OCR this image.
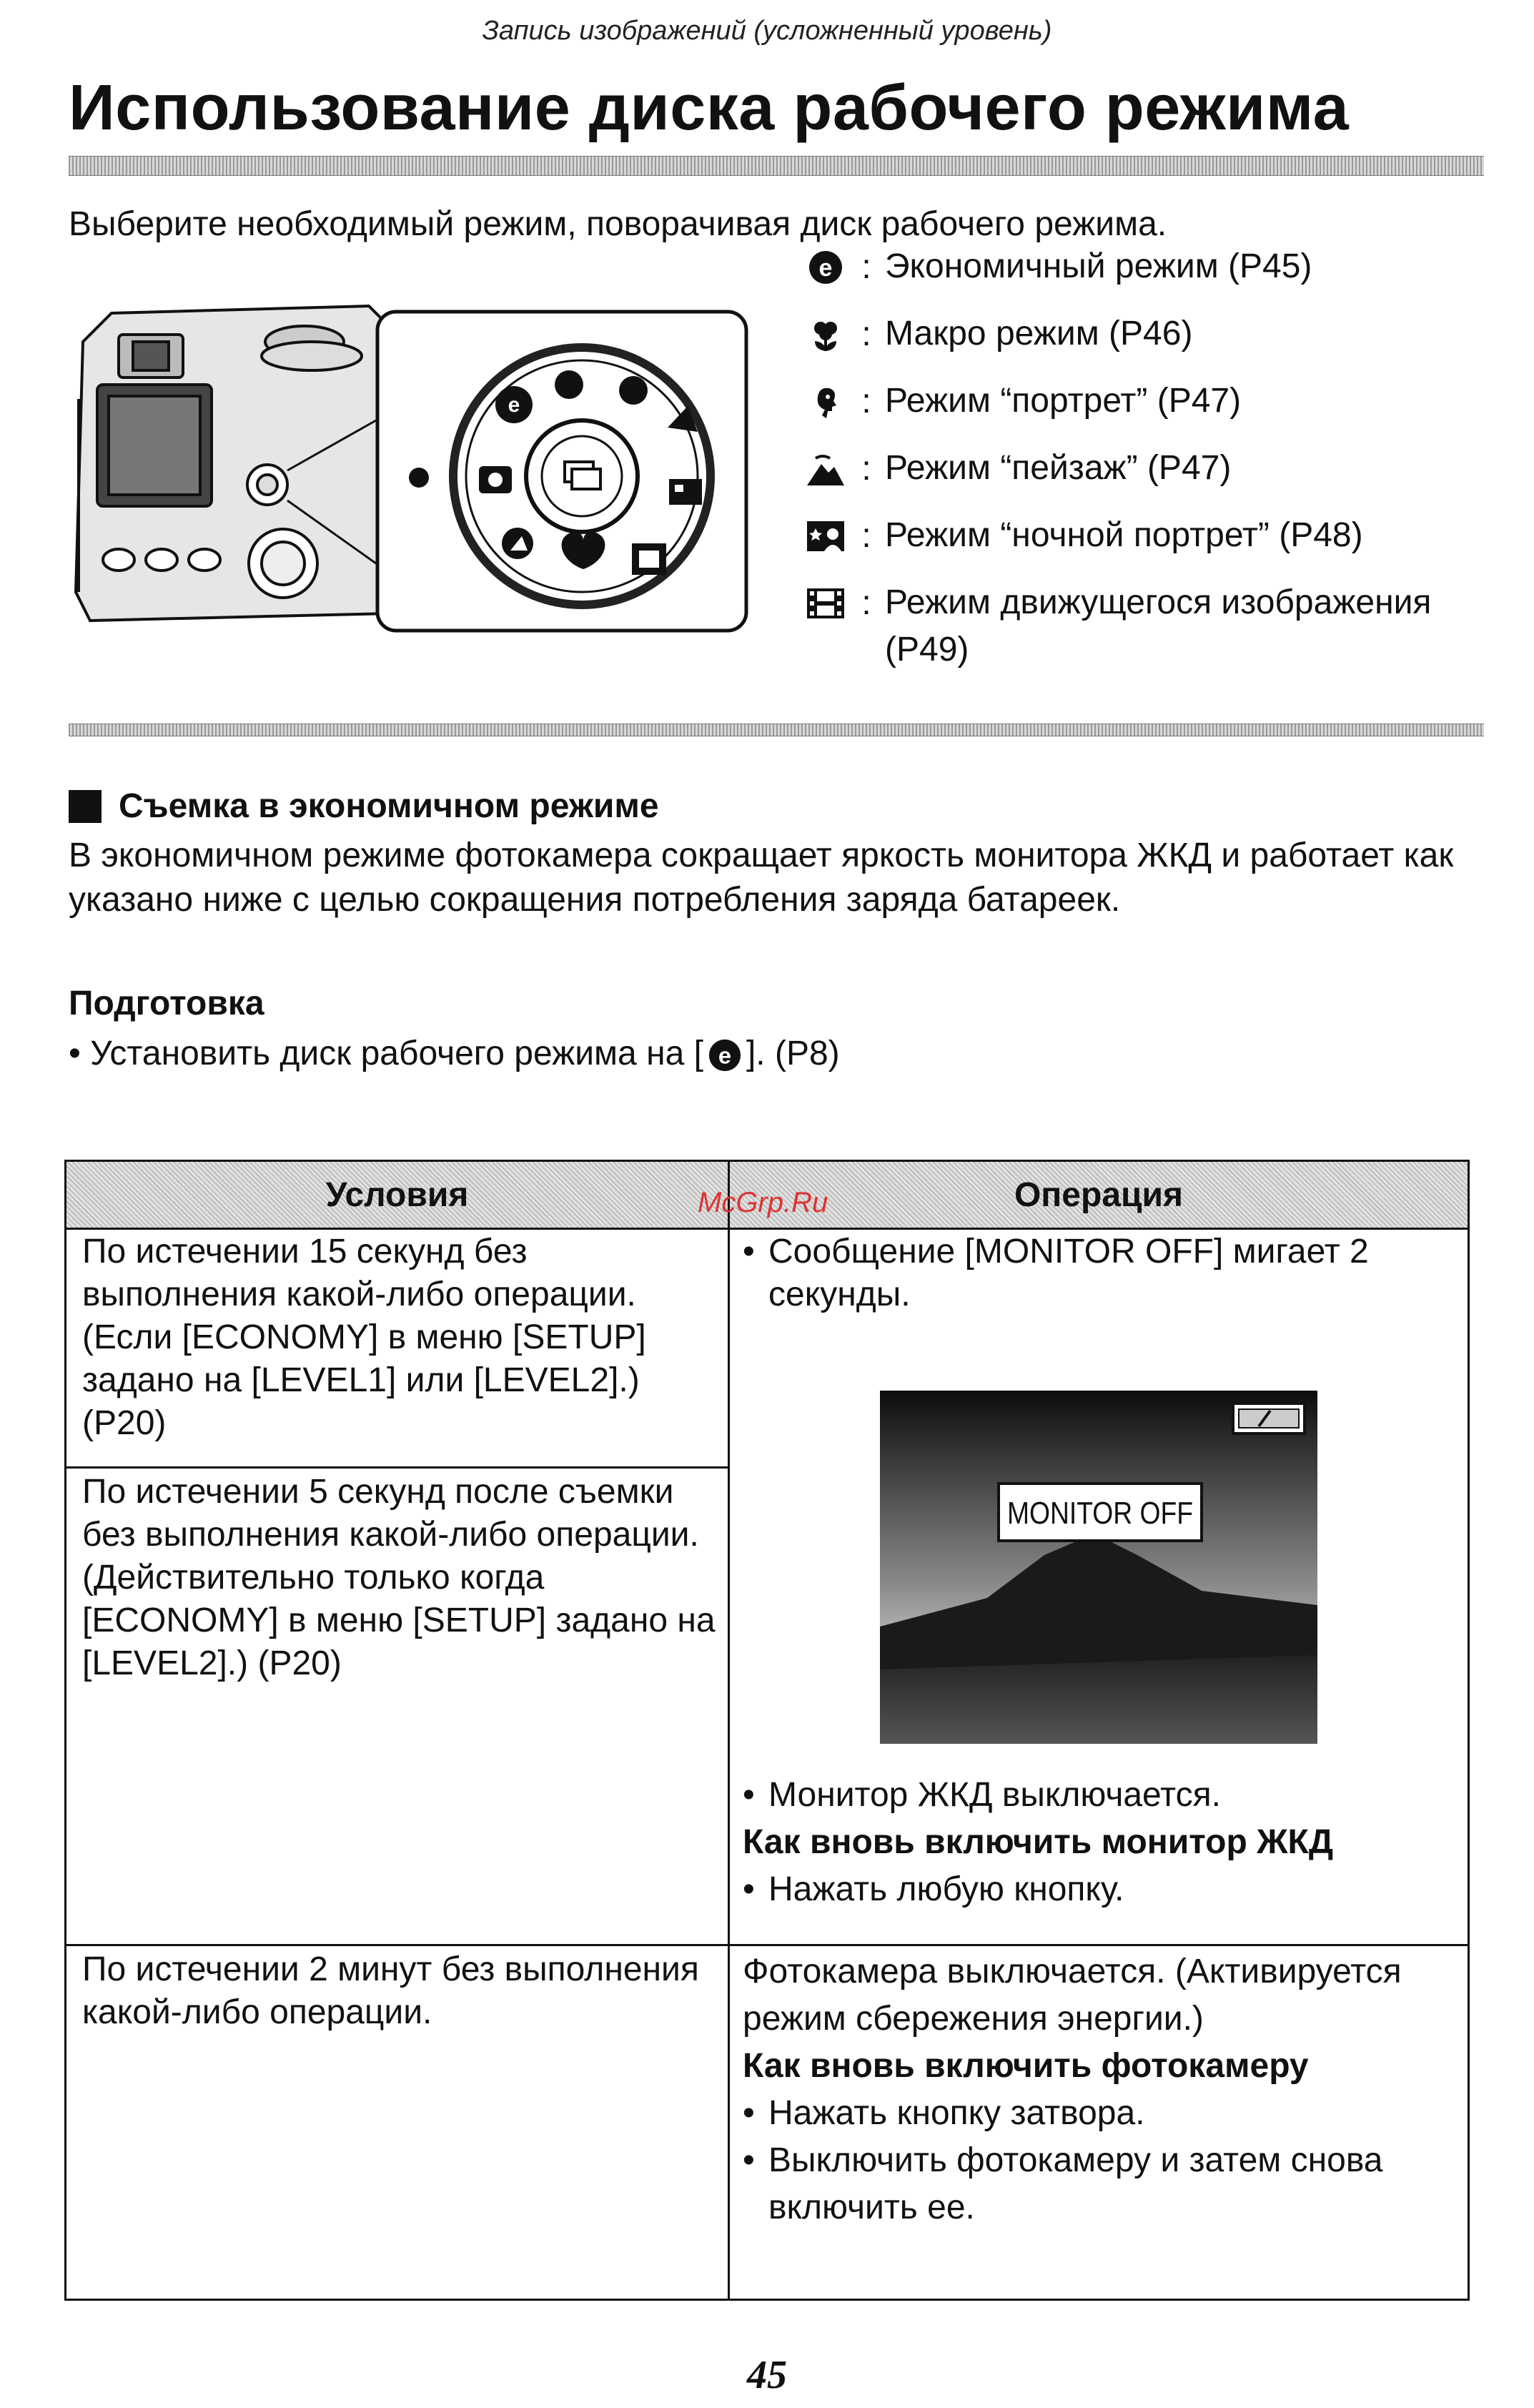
Запись изображений (усложненный уровень)
Использование диска рабочего режима
Выберите необходимый режим, поворачивая диск рабочего режима.
e
e : Экономичный режим (P45)
: Макро режим (P46)
: Режим “портрет” (P47)
: Режим “пейзаж” (P47)
: Режим “ночной портрет” (P48)
: Режим движущегося изображения (P49)
Съемка в экономичном режиме
В экономичном режиме фотокамера сокращает яркость монитора ЖКД и работает как указано ниже с целью сокращения потребления заряда батареек.
Подготовка
• Установить диск рабочего режима на [ e ]. (P8)
Условия	Операция
По истечении 15 секунд без выполнения какой-либо операции. (Если [ECONOMY] в меню [SETUP] задано на [LEVEL1] или [LEVEL2].) (P20)
По истечении 5 секунд после съемки без выполнения какой-либо операции. (Действительно только когда [ECONOMY] в меню [SETUP] задано на [LEVEL2].) (P20)
По истечении 2 минут без выполнения какой-либо операции.
• Сообщение [MONITOR OFF] мигает 2 секунды.
MONITOR OFF
• Монитор ЖКД выключается.
Как вновь включить монитор ЖКД
• Нажать любую кнопку.
Фотокамера выключается. (Активируется режим сбережения энергии.)
Как вновь включить фотокамеру
• Нажать кнопку затвора.
• Выключить фотокамеру и затем снова включить ее.
McGrp.Ru
45
